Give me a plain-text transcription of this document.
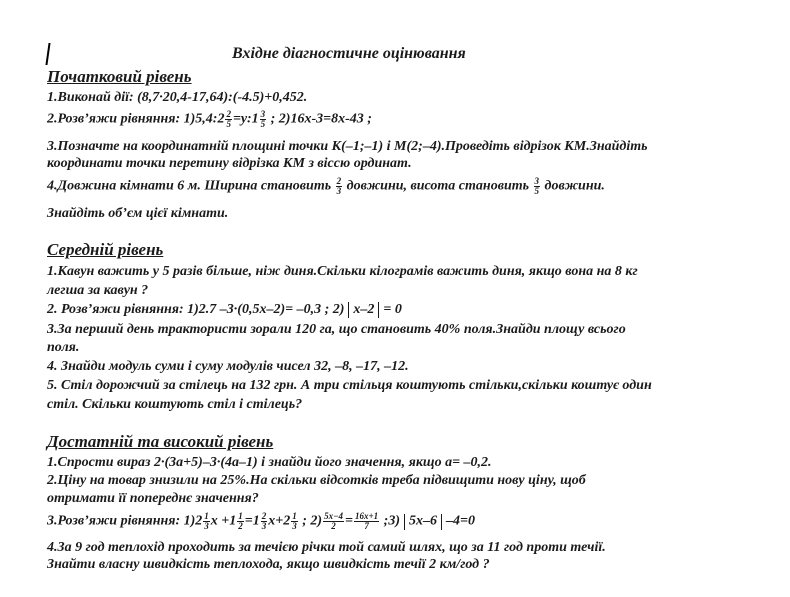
Вхідне діагностичне оцінювання
Початковий рівень
1.Виконай дії: (8,7∙20,4-17,64):(-4.5)+0,452.
2.Розв’яжи рівняння: 1)5,4:2 $\frac{2}{5}$ =у:1 $\frac{3}{5}$ ; 2)16х-3=8х-43 ;
3.Позначте на координатній площині точки К(–1;–1) і М(2;–4).Проведіть відрізок КМ.Знайдіть
координати точки перетину відрізка КМ з віссю ординат.
4.Довжина кімнати 6 м. Ширина становить $\frac{2}{3}$ довжини, висота становить $\frac{3}{5}$ довжини.
Знайдіть об’єм цієї кімнати.
Середній рівень
1.Кавун важить у 5 разів більше, ніж диня.Скільки кілограмів важить диня, якщо вона на 8 кг
легша за кавун ?
2. Розв’яжи рівняння: 1)2.7 –3∙(0,5х–2)= –0,3 ; 2) х–2 = 0
3.За перший день трактористи зорали 120 га, що становить 40% поля.Знайди площу всього
поля.
4. Знайди модуль суми і суму модулів чисел 32, –8, –17, –12.
5. Стіл дорожчий за стілець на 132 грн. А три стільця коштують стільки,скільки коштує один
стіл. Скільки коштують стіл і стілець?
Достатній та високий рівень
1.Спрости вираз 2∙(3а+5)–3∙(4а–1) і знайди його значення, якщо а= –0,2.
2.Ціну на товар знизили на 25%.На скільки відсотків треба підвищити нову ціну, щоб
отримати її попереднє значення?
3.Розв’яжи рівняння: $1)2 \frac{1}{3}$ $х +1 \frac{1}{2} =1 \frac{2}{3} х+2 \frac{1}{3}$ ; $2) \frac{5х-4}{2} = \frac{16х+1}{7}$ ;3) 5х–6 –4=0
4.За 9 год теплохід проходить за течією річки той самий шлях, що за 11 год проти течії.
Знайти власну швидкість теплохода, якщо швидкість течії 2 км/год ?
